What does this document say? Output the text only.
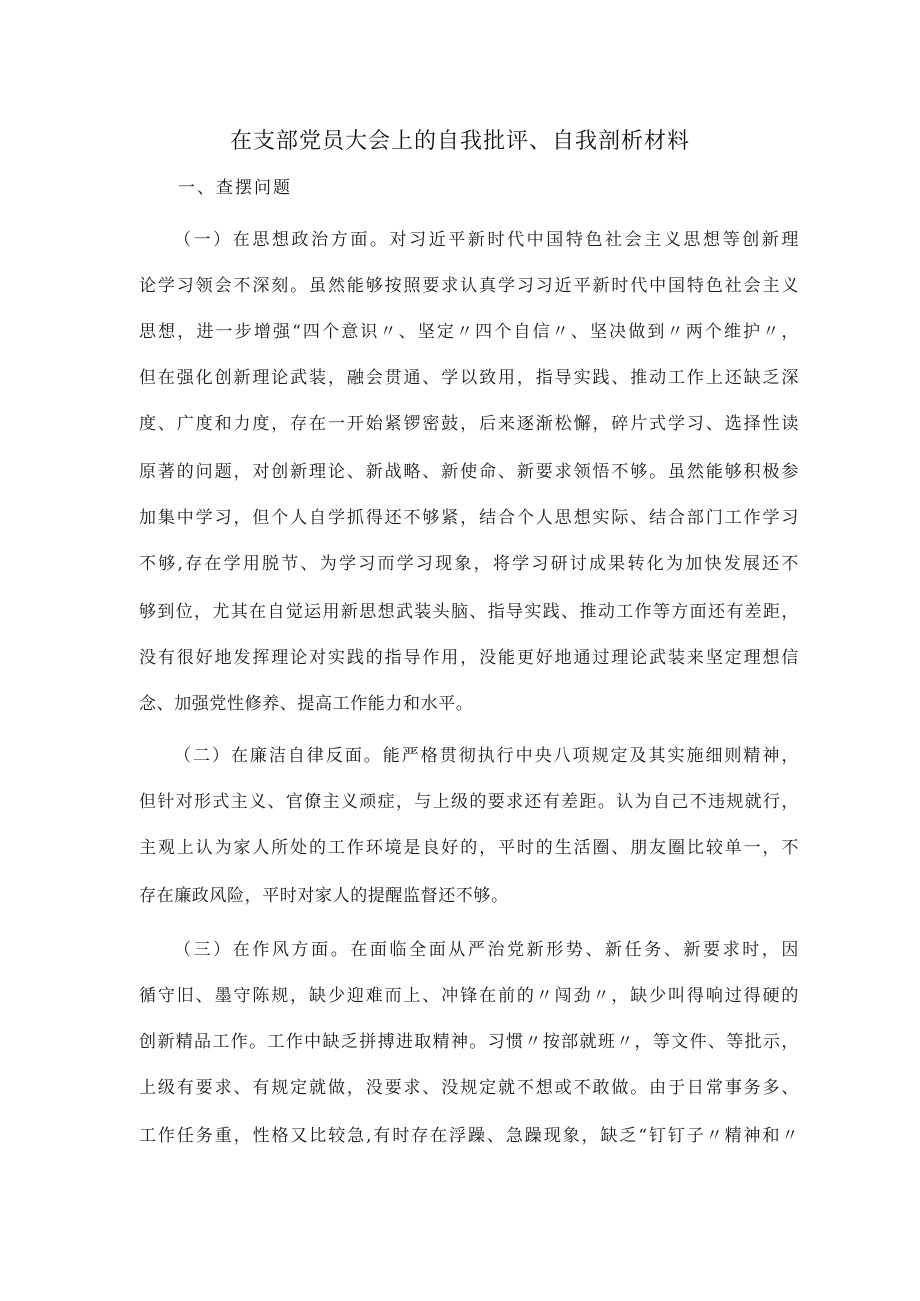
在支部党员大会上的自我批评、自我剖析材料
一、查摆问题
（一）在思想政治方面。对习近平新时代中国特色社会主义思想等创新理
论学习领会不深刻。虽然能够按照要求认真学习习近平新时代中国特色社会主义
思想，进一步增强“四个意识〃、坚定〃四个自信〃、坚决做到〃两个维护〃，
但在强化创新理论武装，融会贯通、学以致用，指导实践、推动工作上还缺乏深
度、广度和力度，存在一开始紧锣密鼓，后来逐渐松懈，碎片式学习、选择性读
原著的问题，对创新理论、新战略、新使命、新要求领悟不够。虽然能够积极参
加集中学习，但个人自学抓得还不够紧，结合个人思想实际、结合部门工作学习
不够,存在学用脱节、为学习而学习现象，将学习研讨成果转化为加快发展还不
够到位，尤其在自觉运用新思想武装头脑、指导实践、推动工作等方面还有差距，
没有很好地发挥理论对实践的指导作用，没能更好地通过理论武装来坚定理想信
念、加强党性修养、提高工作能力和水平。
（二）在廉洁自律反面。能严格贯彻执行中央八项规定及其实施细则精神，
但针对形式主义、官僚主义顽症，与上级的要求还有差距。认为自己不违规就行，
主观上认为家人所处的工作环境是良好的，平时的生活圈、朋友圈比较单一，不
存在廉政风险，平时对家人的提醒监督还不够。
（三）在作风方面。在面临全面从严治党新形势、新任务、新要求时，因
循守旧、墨守陈规，缺少迎难而上、冲锋在前的〃闯劲〃，缺少叫得响过得硬的
创新精品工作。工作中缺乏拼搏进取精神。习惯〃按部就班〃，等文件、等批示，
上级有要求、有规定就做，没要求、没规定就不想或不敢做。由于日常事务多、
工作任务重，性格又比较急,有时存在浮躁、急躁现象，缺乏“钉钉子〃精神和〃
